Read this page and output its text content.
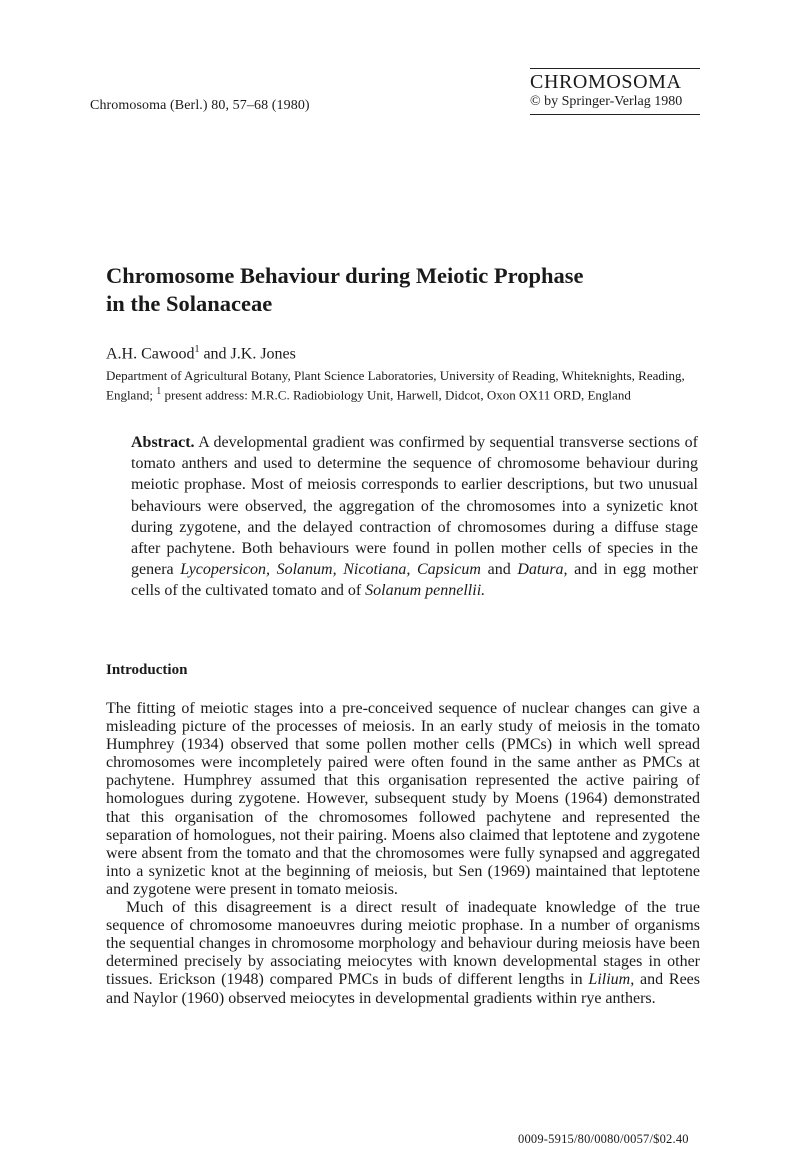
Chromosoma (Berl.) 80, 57–68 (1980)
CHROMOSOMA
© by Springer-Verlag 1980
Chromosome Behaviour during Meiotic Prophase
in the Solanaceae
A.H. Cawood$^1$ and J.K. Jones
Department of Agricultural Botany, Plant Science Laboratories, University of Reading, Whiteknights, Reading, England; $^1$ present address: M.R.C. Radiobiology Unit, Harwell, Didcot, Oxon OX11 ORD, England
Abstract. A developmental gradient was confirmed by sequential transverse sections of tomato anthers and used to determine the sequence of chromosome behaviour during meiotic prophase. Most of meiosis corresponds to earlier descriptions, but two unusual behaviours were observed, the aggregation of the chromosomes into a synizetic knot during zygotene, and the delayed contraction of chromosomes during a diffuse stage after pachytene. Both behaviours were found in pollen mother cells of species in the genera Lycopersicon, Solanum, Nicotiana, Capsicum and Datura, and in egg mother cells of the cultivated tomato and of Solanum pennellii.
Introduction

The fitting of meiotic stages into a pre-conceived sequence of nuclear changes can give a misleading picture of the processes of meiosis. In an early study of meiosis in the tomato Humphrey (1934) observed that some pollen mother cells (PMCs) in which well spread chromosomes were incompletely paired were often found in the same anther as PMCs at pachytene. Humphrey assumed that this organisation represented the active pairing of homologues during zygotene. However, subsequent study by Moens (1964) demonstrated that this organisation of the chromosomes followed pachytene and represented the separation of homologues, not their pairing. Moens also claimed that leptotene and zygotene were absent from the tomato and that the chromosomes were fully synapsed and aggregated into a synizetic knot at the beginning of meiosis, but Sen (1969) maintained that leptotene and zygotene were present in tomato meiosis.

Much of this disagreement is a direct result of inadequate knowledge of the true sequence of chromosome manoeuvres during meiotic prophase. In a number of organisms the sequential changes in chromosome morphology and behaviour during meiosis have been determined precisely by associating meiocytes with known developmental stages in other tissues. Erickson (1948) compared PMCs in buds of different lengths in Lilium, and Rees and Naylor (1960) observed meiocytes in developmental gradients within rye anthers.

0009-5915/80/0080/0057/$02.40
